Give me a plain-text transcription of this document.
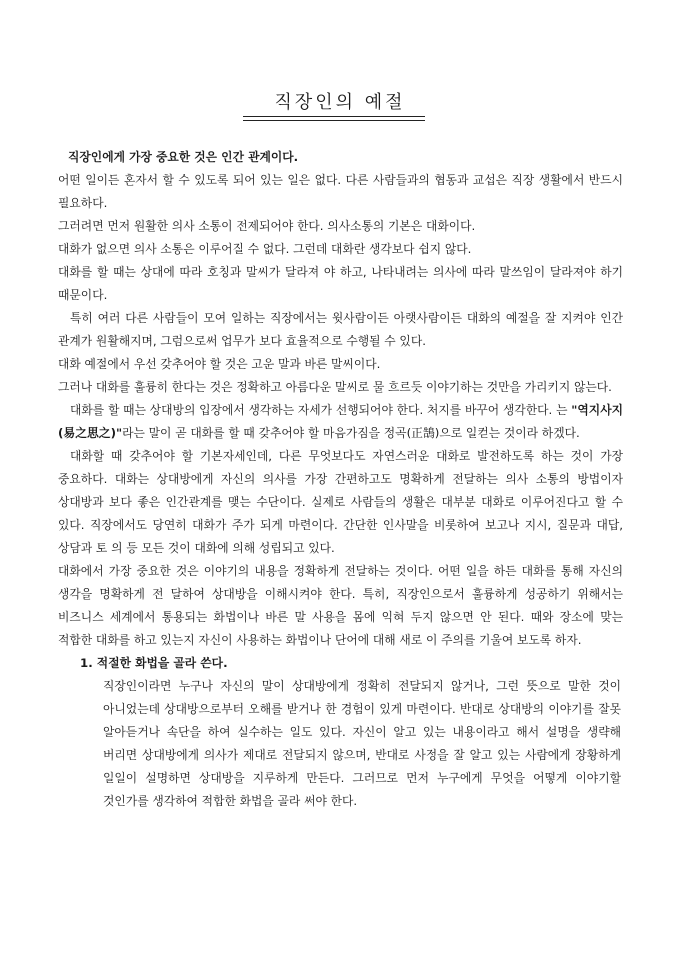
직장인의 예절

직장인에게 가장 중요한 것은 인간 관계이다.

어떤 일이든 혼자서 할 수 있도록 되어 있는 일은 없다. 다른 사람들과의 협동과 교섭은 직장 생활에서 반드시 필요하다.

그러려면 먼저 원활한 의사 소통이 전제되어야 한다. 의사소통의 기본은 대화이다.

대화가 없으면 의사 소통은 이루어질 수 없다. 그런데 대화란 생각보다 쉽지 않다.

대화를 할 때는 상대에 따라 호칭과 말씨가 달라져 야 하고, 나타내려는 의사에 따라 말쓰임이 달라져야 하기 때문이다.

특히 여러 다른 사람들이 모여 일하는 직장에서는 윗사람이든 아랫사람이든 대화의 예절을 잘 지켜야 인간 관계가 원활해지며, 그럼으로써 업무가 보다 효율적으로 수행될 수 있다.

대화 예절에서 우선 갖추어야 할 것은 고운 말과 바른 말씨이다.

그러나 대화를 훌륭히 한다는 것은 정확하고 아름다운 말씨로 물 흐르듯 이야기하는 것만을 가리키지 않는다.

대화를 할 때는 상대방의 입장에서 생각하는 자세가 선행되어야 한다. 처지를 바꾸어 생각한다. 는 "역지사지(易之思之)"라는 말이 곧 대화를 할 때 갖추어야 할 마음가짐을 정곡(正鵠)으로 일컫는 것이라 하겠다.

대화할 때 갖추어야 할 기본자세인데, 다른 무엇보다도 자연스러운 대화로 발전하도록 하는 것이 가장 중요하다. 대화는 상대방에게 자신의 의사를 가장 간편하고도 명확하게 전달하는 의사 소통의 방법이자 상대방과 보다 좋은 인간관계를 맺는 수단이다. 실제로 사람들의 생활은 대부분 대화로 이루어진다고 할 수 있다. 직장에서도 당연히 대화가 주가 되게 마련이다. 간단한 인사말을 비롯하여 보고나 지시, 질문과 대답, 상담과 토 의 등 모든 것이 대화에 의해 성립되고 있다.

대화에서 가장 중요한 것은 이야기의 내용을 정확하게 전달하는 것이다. 어떤 일을 하든 대화를 통해 자신의 생각을 명확하게 전 달하여 상대방을 이해시켜야 한다. 특히, 직장인으로서 훌륭하게 성공하기 위해서는 비즈니스 세계에서 통용되는 화법이나 바른 말 사용을 몸에 익혀 두지 않으면 안 된다. 때와 장소에 맞는 적합한 대화를 하고 있는지 자신이 사용하는 화법이나 단어에 대해 새로 이 주의를 기울여 보도록 하자.

1. 적절한 화법을 골라 쓴다.

직장인이라면 누구나 자신의 말이 상대방에게 정확히 전달되지 않거나, 그런 뜻으로 말한 것이 아니었는데 상대방으로부터 오해를 받거나 한 경험이 있게 마련이다. 반대로 상대방의 이야기를 잘못 알아듣거나 속단을 하여 실수하는 일도 있다. 자신이 알고 있는 내용이라고 해서 설명을 생략해 버리면 상대방에게 의사가 제대로 전달되지 않으며, 반대로 사정을 잘 알고 있는 사람에게 장황하게 일일이 설명하면 상대방을 지루하게 만든다. 그러므로 먼저 누구에게 무엇을 어떻게 이야기할 것인가를 생각하여 적합한 화법을 골라 써야 한다.
